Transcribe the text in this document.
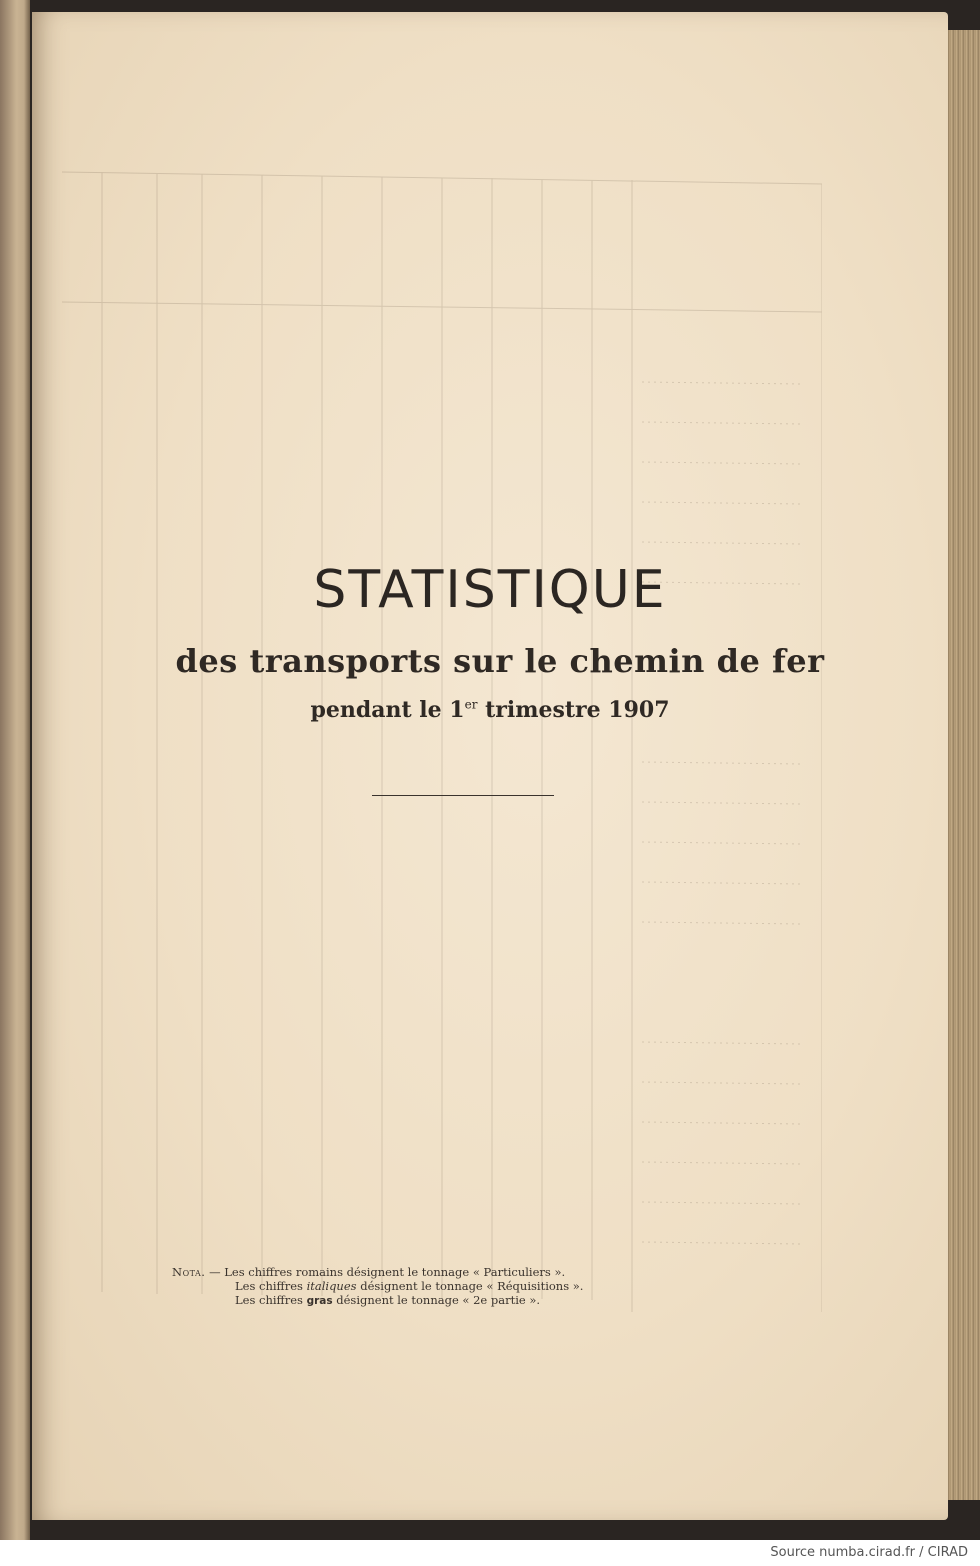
STATISTIQUE
des transports sur le chemin de fer

pendant le 1er trimestre 1907

Nota. — Les chiffres romains désignent le tonnage « Particuliers ».
Les chiffres italiques désignent le tonnage « Réquisitions ».
Les chiffres gras désignent le tonnage « 2e partie ».
Source numba.cirad.fr / CIRAD
